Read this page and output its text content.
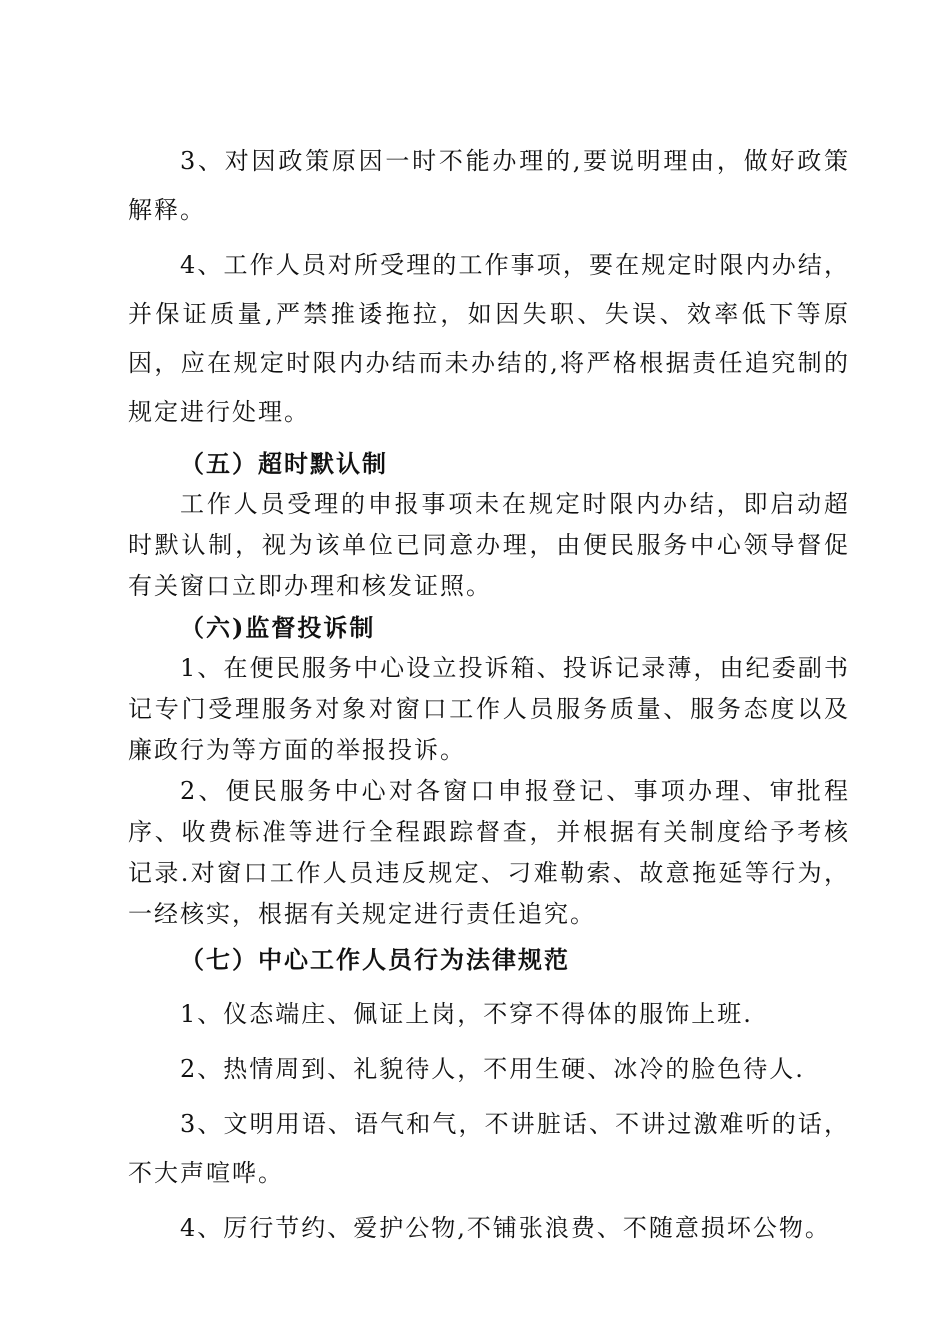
3、对因政策原因一时不能办理的,要说明理由，做好政策解释。

4、工作人员对所受理的工作事项，要在规定时限内办结，并保证质量,严禁推诿拖拉，如因失职、失误、效率低下等原因，应在规定时限内办结而未办结的,将严格根据责任追究制的规定进行处理。

（五）超时默认制

工作人员受理的申报事项未在规定时限内办结，即启动超时默认制，视为该单位已同意办理，由便民服务中心领导督促有关窗口立即办理和核发证照。

（六)监督投诉制

1、在便民服务中心设立投诉箱、投诉记录薄，由纪委副书记专门受理服务对象对窗口工作人员服务质量、服务态度以及廉政行为等方面的举报投诉。

2、便民服务中心对各窗口申报登记、事项办理、审批程序、收费标准等进行全程跟踪督查，并根据有关制度给予考核记录.对窗口工作人员违反规定、刁难勒索、故意拖延等行为，一经核实，根据有关规定进行责任追究。

（七）中心工作人员行为法律规范

1、仪态端庄、佩证上岗，不穿不得体的服饰上班.

2、热情周到、礼貌待人，不用生硬、冰冷的脸色待人.

3、文明用语、语气和气，不讲脏话、不讲过激难听的话，不大声喧哗。

4、厉行节约、爱护公物,不铺张浪费、不随意损坏公物。
